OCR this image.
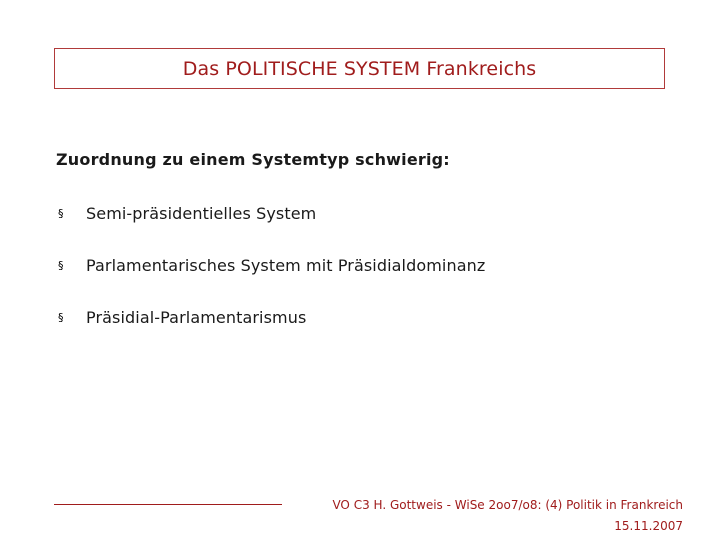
Das POLITISCHE SYSTEM Frankreichs
Zuordnung zu einem Systemtyp schwierig:
§	Semi-präsidentielles System
§	Parlamentarisches System mit Präsidialdominanz
§	Präsidial-Parlamentarismus
VO C3 H. Gottweis - WiSe 2oo7/o8: (4) Politik in Frankreich
15.11.2007
